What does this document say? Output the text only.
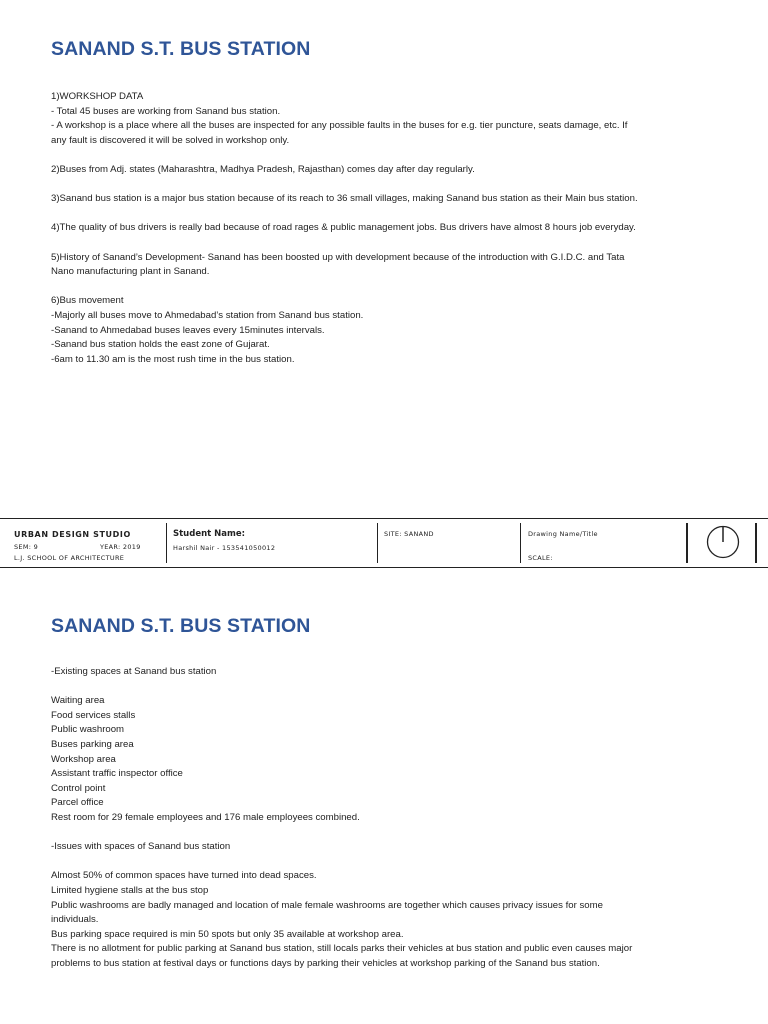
SANAND S.T. BUS STATION

1)WORKSHOP DATA

- Total 45 buses are working from Sanand bus station.

- A workshop is a place where all the buses are inspected for any possible faults in the buses for e.g. tier puncture, seats damage, etc. If

any fault is discovered it will be solved in workshop only.

2)Buses from Adj. states (Maharashtra, Madhya Pradesh, Rajasthan) comes day after day regularly.

3)Sanand bus station is a major bus station because of its reach to 36 small villages, making Sanand bus station as their Main bus station.

4)The quality of bus drivers is really bad because of road rages & public management jobs. Bus drivers have almost 8 hours job everyday.

5)History of Sanand’s Development- Sanand has been boosted up with development because of the introduction with G.I.D.C. and Tata

Nano manufacturing plant in Sanand.

6)Bus movement

-Majorly all buses move to Ahmedabad’s station from Sanand bus station.

-Sanand to Ahmedabad buses leaves every 15minutes intervals.

-Sanand bus station holds the east zone of Gujarat.

-6am to 11.30 am is the most rush time in the bus station.

URBAN DESIGN STUDIO
SEM: 9	YEAR: 2019
L.J. SCHOOL OF ARCHITECTURE
Student Name:
Harshil Nair - 153541050012
SITE: SANAND	Drawing Name/Title
SCALE:
SANAND S.T. BUS STATION

-Existing spaces at Sanand bus station

Waiting area

Food services stalls

Public washroom

Buses parking area

Workshop area

Assistant traffic inspector office

Control point

Parcel office

Rest room for 29 female employees and 176 male employees combined.

-Issues with spaces of Sanand bus station

Almost 50% of common spaces have turned into dead spaces.

Limited hygiene stalls at the bus stop

Public washrooms are badly managed and location of male female washrooms are together which causes privacy issues for some

individuals.

Bus parking space required is min 50 spots but only 35 available at workshop area.

There is no allotment for public parking at Sanand bus station, still locals parks their vehicles at bus station and public even causes major

problems to bus station at festival days or functions days by parking their vehicles at workshop parking of the Sanand bus station.
